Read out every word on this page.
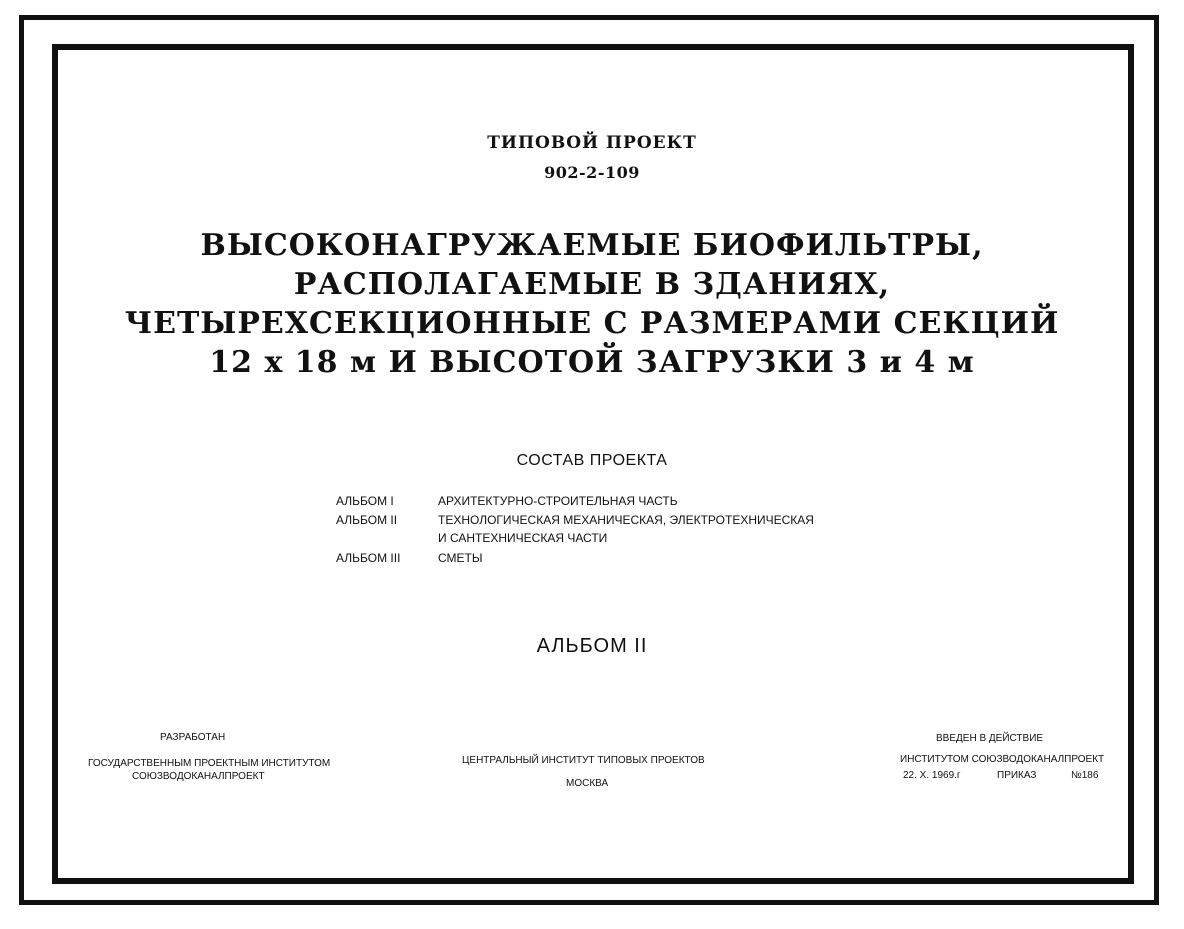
ТИПОВОЙ ПРОЕКТ
902-2-109
ВЫСОКОНАГРУЖАЕМЫЕ БИОФИЛЬТРЫ,
РАСПОЛАГАЕМЫЕ В ЗДАНИЯХ,
ЧЕТЫРЕХСЕКЦИОННЫЕ С РАЗМЕРАМИ СЕКЦИЙ
12 х 18 м И ВЫСОТОЙ ЗАГРУЗКИ 3 и 4 м
СОСТАВ ПРОЕКТА
АЛЬБОМ I	АРХИТЕКТУРНО-СТРОИТЕЛЬНАЯ ЧАСТЬ
АЛЬБОМ II	ТЕХНОЛОГИЧЕСКАЯ МЕХАНИЧЕСКАЯ, ЭЛЕКТРОТЕХНИЧЕСКАЯ
И САНТЕХНИЧЕСКАЯ ЧАСТИ
АЛЬБОМ III	СМЕТЫ
АЛЬБОМ II
РАЗРАБОТАН
ГОСУДАРСТВЕННЫМ ПРОЕКТНЫМ ИНСТИТУТОМ
СОЮЗВОДОКАНАЛПРОЕКТ
ЦЕНТРАЛЬНЫЙ ИНСТИТУТ ТИПОВЫХ ПРОЕКТОВ
МОСКВА
ВВЕДЕН В ДЕЙСТВИЕ
ИНСТИТУТОМ СОЮЗВОДОКАНАЛПРОЕКТ
22. X. 1969.г	ПРИКАЗ	№186
